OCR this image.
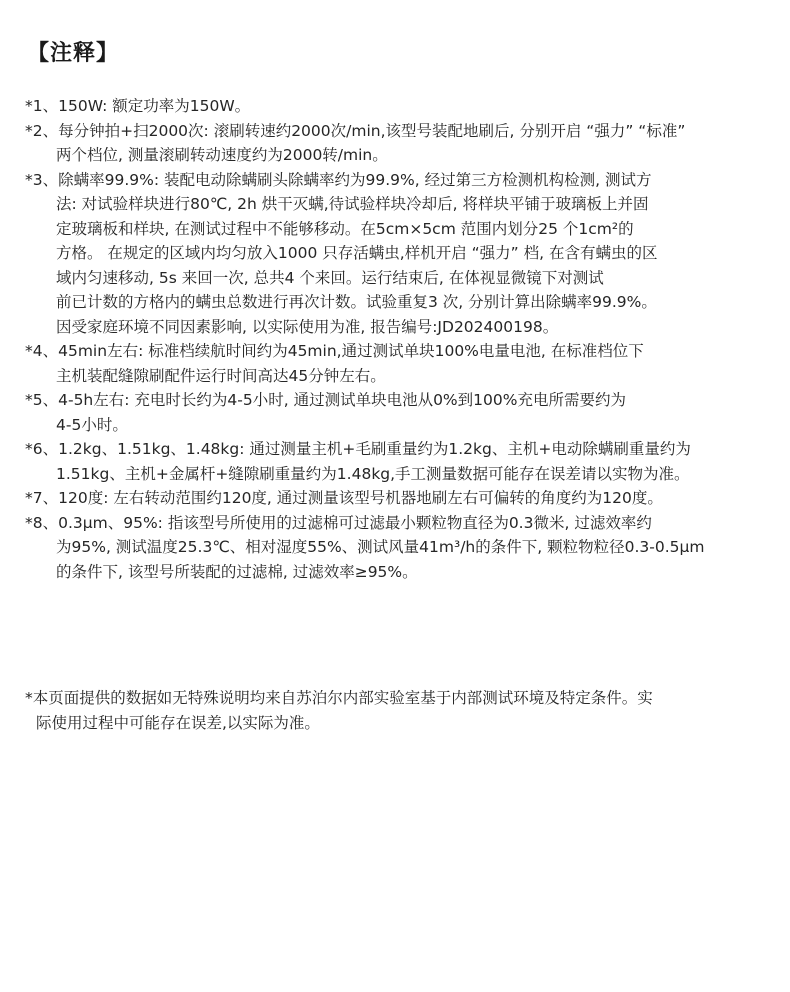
【注释】
*1、150W: 额定功率为150W。
*2、每分钟拍+扫2000次: 滚刷转速约2000次/min,该型号装配地刷后, 分别开启 “强力” “标准”
两个档位, 测量滚刷转动速度约为2000转/min。
*3、除螨率99.9%: 装配电动除螨刷头除螨率约为99.9%, 经过第三方检测机构检测, 测试方
法: 对试验样块进行80℃, 2h 烘干灭螨,待试验样块冷却后, 将样块平铺于玻璃板上并固
定玻璃板和样块, 在测试过程中不能够移动。在5cm×5cm 范围内划分25 个1cm²的
方格。 在规定的区域内均匀放入1000 只存活螨虫,样机开启 “强力” 档, 在含有螨虫的区
域内匀速移动, 5s 来回一次, 总共4 个来回。运行结束后, 在体视显微镜下对测试
前已计数的方格内的螨虫总数进行再次计数。试验重复3 次, 分别计算出除螨率99.9%。
因受家庭环境不同因素影响, 以实际使用为准, 报告编号:JD202400198。
*4、45min左右: 标准档续航时间约为45min,通过测试单块100%电量电池, 在标准档位下
主机装配缝隙刷配件运行时间高达45分钟左右。
*5、4-5h左右: 充电时长约为4-5小时, 通过测试单块电池从0%到100%充电所需要约为
4-5小时。
*6、1.2kg、1.51kg、1.48kg: 通过测量主机+毛刷重量约为1.2kg、主机+电动除螨刷重量约为
1.51kg、主机+金属杆+缝隙刷重量约为1.48kg,手工测量数据可能存在误差请以实物为准。
*7、120度: 左右转动范围约120度, 通过测量该型号机器地刷左右可偏转的角度约为120度。
*8、0.3μm、95%: 指该型号所使用的过滤棉可过滤最小颗粒物直径为0.3微米, 过滤效率约
为95%, 测试温度25.3℃、相对湿度55%、测试风量41m³/h的条件下, 颗粒物粒径0.3-0.5μm
的条件下, 该型号所装配的过滤棉, 过滤效率≥95%。
*本页面提供的数据如无特殊说明均来自苏泊尔内部实验室基于内部测试环境及特定条件。实
际使用过程中可能存在误差,以实际为准。
